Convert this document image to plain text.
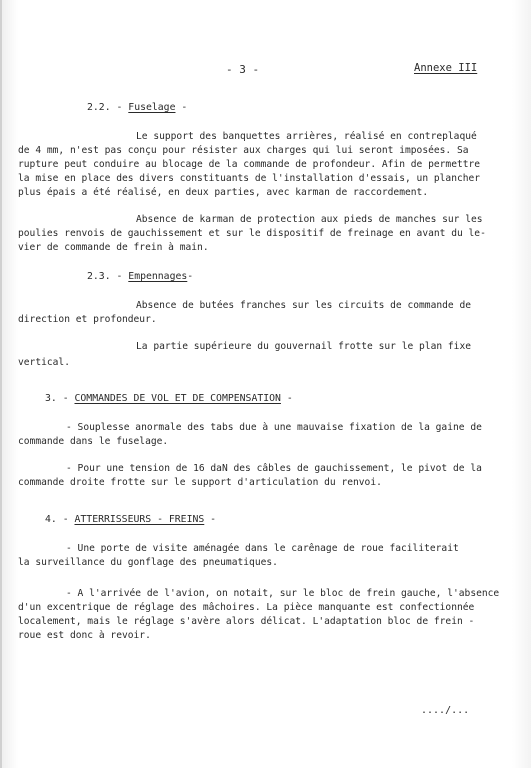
- 3 -	Annexe III
2.2. - Fuselage -
Le support des banquettes arrières, réalisé en contreplaqué
de 4 mm, n'est pas conçu pour résister aux charges qui lui seront imposées. Sa
rupture peut conduire au blocage de la commande de profondeur. Afin de permettre
la mise en place des divers constituants de l'installation d'essais, un plancher
plus épais a été réalisé, en deux parties, avec karman de raccordement.
Absence de karman de protection aux pieds de manches sur les
poulies renvois de gauchissement et sur le dispositif de freinage en avant du le-
vier de commande de frein à main.
2.3. - Empennages-
Absence de butées franches sur les circuits de commande de
direction et profondeur.
La partie supérieure du gouvernail frotte sur le plan fixe
vertical.
3. - COMMANDES DE VOL ET DE COMPENSATION -
- Souplesse anormale des tabs due à une mauvaise fixation de la gaine de
commande dans le fuselage.
- Pour une tension de 16 daN des câbles de gauchissement, le pivot de la
commande droite frotte sur le support d'articulation du renvoi.
4. - ATTERRISSEURS - FREINS -
- Une porte de visite aménagée dans le carênage de roue faciliterait
la surveillance du gonflage des pneumatiques.
- A l'arrivée de l'avion, on notait, sur le bloc de frein gauche, l'absence
d'un excentrique de réglage des mâchoires. La pièce manquante est confectionnée
localement, mais le réglage s'avère alors délicat. L'adaptation bloc de frein -
roue est donc à revoir.
..../...
